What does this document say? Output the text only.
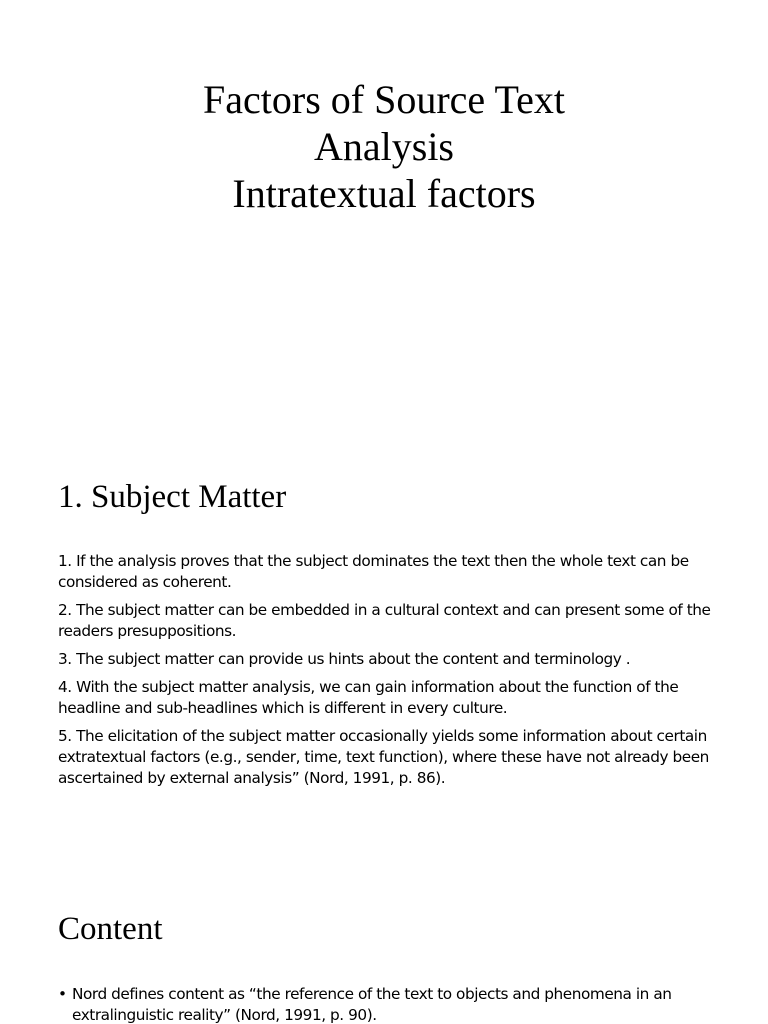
Factors of Source Text
Analysis
Intratextual factors
1. Subject Matter

1. If the analysis proves that the subject dominates the text then the whole text can be considered as coherent.

2. The subject matter can be embedded in a cultural context and can present some of the readers presuppositions.

3. The subject matter can provide us hints about the content and terminology .

4. With the subject matter analysis, we can gain information about the function of the headline and sub-headlines which is different in every culture.

5. The elicitation of the subject matter occasionally yields some information about certain extratextual factors (e.g., sender, time, text function), where these have not already been ascertained by external analysis” (Nord, 1991, p. 86).

Content

• Nord defines content as “the reference of the text to objects and phenomena in an extralinguistic reality” (Nord, 1991, p. 90).
